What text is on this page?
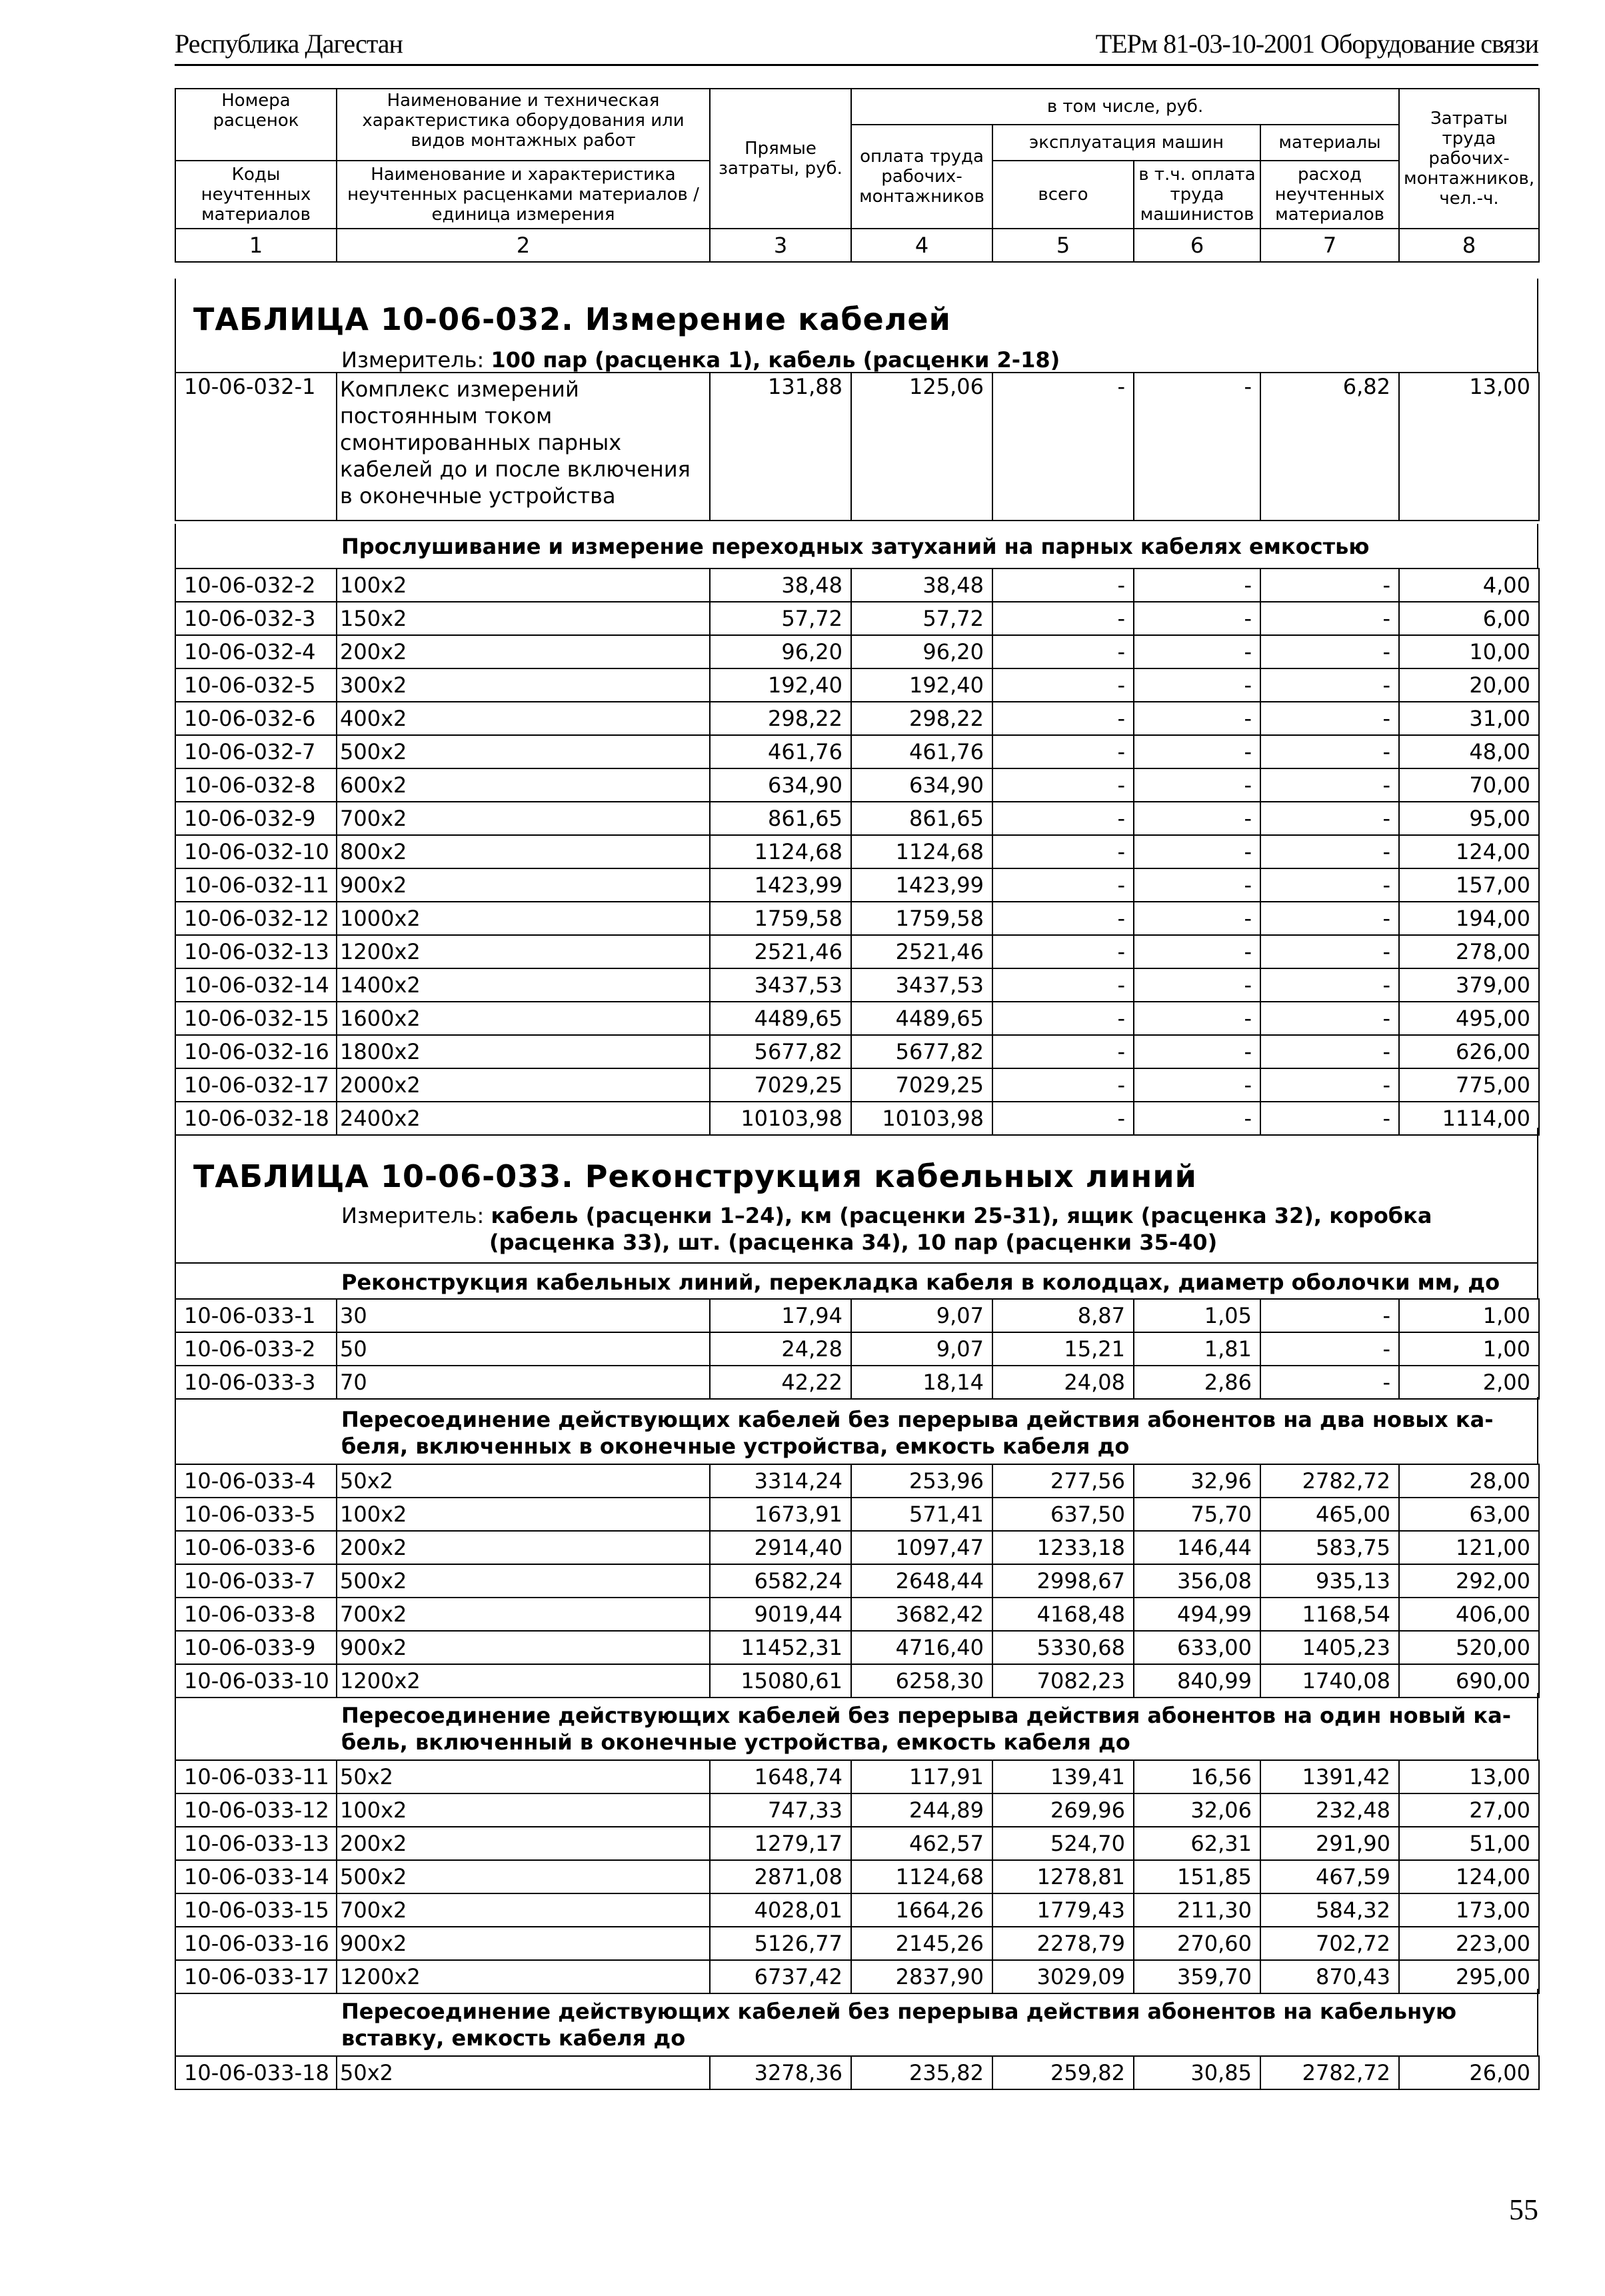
Республика Дагестан	ТЕРм 81-03-10-2001 Оборудование связи
Номера расценок	Наименование и техническая характеристика оборудования или видов монтажных работ	Прямые затраты, руб.	в том числе, руб.				Затраты труда рабочих-монтажников, чел.-ч.
			оплата труда рабочих-монтажников	эксплуатация машин		материалы	
Коды неучтенных материалов	Наименование и характеристика неучтенных расценками материалов / единица измерения			всего	в т.ч. оплата труда машинистов	расход неучтенных материалов	

1	2	3	4	5	6	7	8
ТАБЛИЦА 10-06-032. Измерение кабелей
Измеритель: 100 пар (расценка 1), кабель (расценки 2-18)
10-06-032-1	Комплекс измерений постоянным током смонтированных парных кабелей до и после включения в оконечные устройства	131,88	125,06	-	-	6,82	13,00
Прослушивание и измерение переходных затуханий на парных кабелях емкостью
10-06-032-2	100x2	38,48	38,48	-	-	-	4,00
10-06-032-3	150x2	57,72	57,72	-	-	-	6,00
10-06-032-4	200x2	96,20	96,20	-	-	-	10,00
10-06-032-5	300x2	192,40	192,40	-	-	-	20,00
10-06-032-6	400x2	298,22	298,22	-	-	-	31,00
10-06-032-7	500x2	461,76	461,76	-	-	-	48,00
10-06-032-8	600x2	634,90	634,90	-	-	-	70,00
10-06-032-9	700x2	861,65	861,65	-	-	-	95,00
10-06-032-10	800x2	1124,68	1124,68	-	-	-	124,00
10-06-032-11	900x2	1423,99	1423,99	-	-	-	157,00
10-06-032-12	1000x2	1759,58	1759,58	-	-	-	194,00
10-06-032-13	1200x2	2521,46	2521,46	-	-	-	278,00
10-06-032-14	1400x2	3437,53	3437,53	-	-	-	379,00
10-06-032-15	1600x2	4489,65	4489,65	-	-	-	495,00
10-06-032-16	1800x2	5677,82	5677,82	-	-	-	626,00
10-06-032-17	2000x2	7029,25	7029,25	-	-	-	775,00
10-06-032-18	2400x2	10103,98	10103,98	-	-	-	1114,00
ТАБЛИЦА 10-06-033. Реконструкция кабельных линий
Измеритель: кабель (расценки 1–24), км (расценки 25-31), ящик (расценка 32), коробка
(расценка 33), шт. (расценка 34), 10 пар (расценки 35-40)
Реконструкция кабельных линий, перекладка кабеля в колодцах, диаметр оболочки мм, до
10-06-033-1	30	17,94	9,07	8,87	1,05	-	1,00
10-06-033-2	50	24,28	9,07	15,21	1,81	-	1,00
10-06-033-3	70	42,22	18,14	24,08	2,86	-	2,00
Пересоединение действующих кабелей без перерыва действия абонентов на два новых ка-
беля, включенных в оконечные устройства, емкость кабеля до
10-06-033-4	50x2	3314,24	253,96	277,56	32,96	2782,72	28,00
10-06-033-5	100x2	1673,91	571,41	637,50	75,70	465,00	63,00
10-06-033-6	200x2	2914,40	1097,47	1233,18	146,44	583,75	121,00
10-06-033-7	500x2	6582,24	2648,44	2998,67	356,08	935,13	292,00
10-06-033-8	700x2	9019,44	3682,42	4168,48	494,99	1168,54	406,00
10-06-033-9	900x2	11452,31	4716,40	5330,68	633,00	1405,23	520,00
10-06-033-10	1200x2	15080,61	6258,30	7082,23	840,99	1740,08	690,00
Пересоединение действующих кабелей без перерыва действия абонентов на один новый ка-
бель, включенный в оконечные устройства, емкость кабеля до
10-06-033-11	50x2	1648,74	117,91	139,41	16,56	1391,42	13,00
10-06-033-12	100x2	747,33	244,89	269,96	32,06	232,48	27,00
10-06-033-13	200x2	1279,17	462,57	524,70	62,31	291,90	51,00
10-06-033-14	500x2	2871,08	1124,68	1278,81	151,85	467,59	124,00
10-06-033-15	700x2	4028,01	1664,26	1779,43	211,30	584,32	173,00
10-06-033-16	900x2	5126,77	2145,26	2278,79	270,60	702,72	223,00
10-06-033-17	1200x2	6737,42	2837,90	3029,09	359,70	870,43	295,00
Пересоединение действующих кабелей без перерыва действия абонентов на кабельную
вставку, емкость кабеля до
10-06-033-18	50x2	3278,36	235,82	259,82	30,85	2782,72	26,00
55
